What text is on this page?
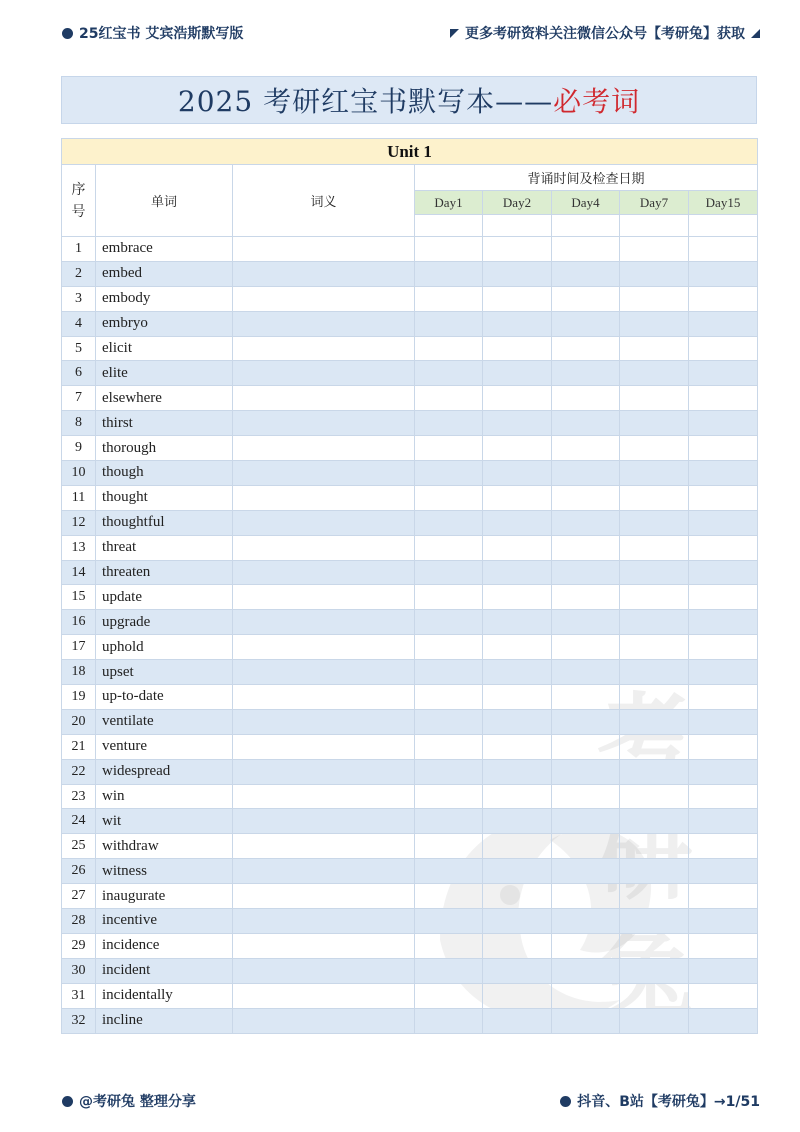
25红宝书 艾宾浩斯默写版	更多考研资料关注微信公众号【考研兔】获取
2025 考研红宝书默写本—— 必考词
考
研
Unit 1							

序
号	单词	词义	背诵时间及检查日期				
			Day1	Day2	Day4	Day7	Day15

1	embrace						
2	embed						
3	embody						
4	embryo						
5	elicit						
6	elite						
7	elsewhere						
8	thirst						
9	thorough						
10	though						
11	thought						
12	thoughtful						
13	threat						
14	threaten						
15	update						
16	upgrade						
17	uphold						
18	upset						
19	up-to-date						
20	ventilate						
21	venture						
22	widespread						
23	win						
24	wit						
25	withdraw						
26	witness						
27	inaugurate						
28	incentive						
29	incidence						
30	incident						
31	incidentally						
32	incline						
@考研兔 整理分享	抖音、B站【考研兔】→1/51
